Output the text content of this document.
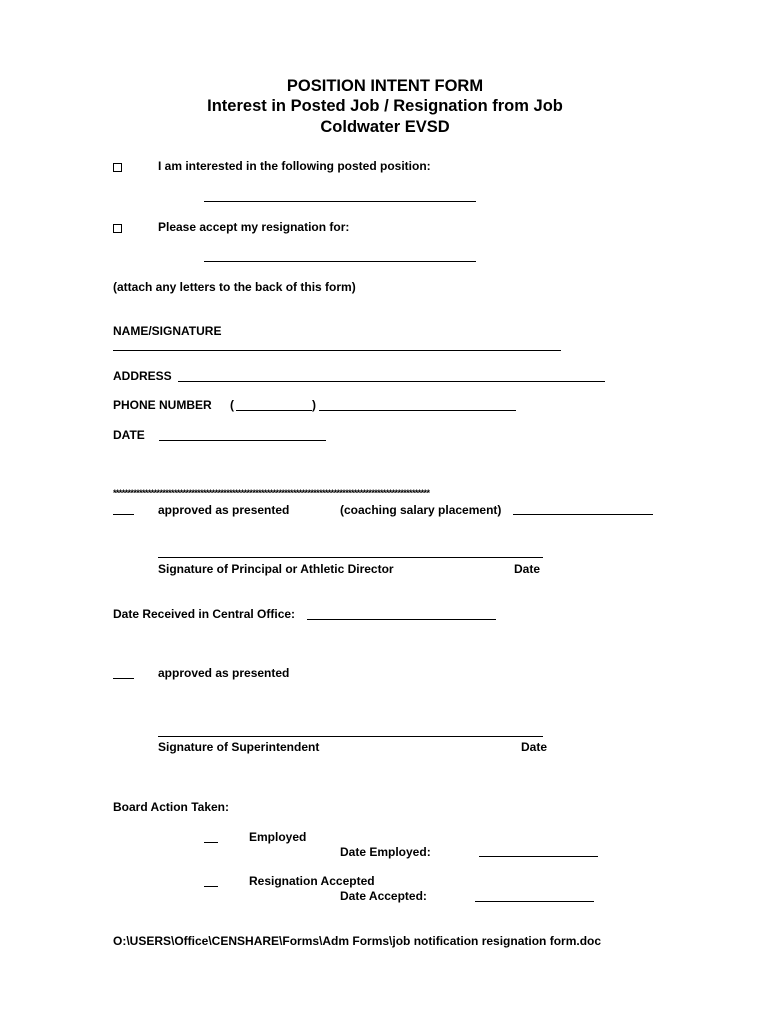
POSITION INTENT FORM
Interest in Posted Job / Resignation from Job
Coldwater EVSD
I am interested in the following posted position:
Please accept my resignation for:
(attach any letters to the back of this form)
NAME/SIGNATURE
ADDRESS
PHONE NUMBER (	)
DATE
*************************************************************************************************************
approved as presented	(coaching salary placement)
Signature of Principal or Athletic Director	Date
Date Received in Central Office:
approved as presented
Signature of Superintendent	Date
Board Action Taken:
Employed
Date Employed:
Resignation Accepted
Date Accepted:
O:\USERS\Office\CENSHARE\Forms\Adm Forms\job notification resignation form.doc
